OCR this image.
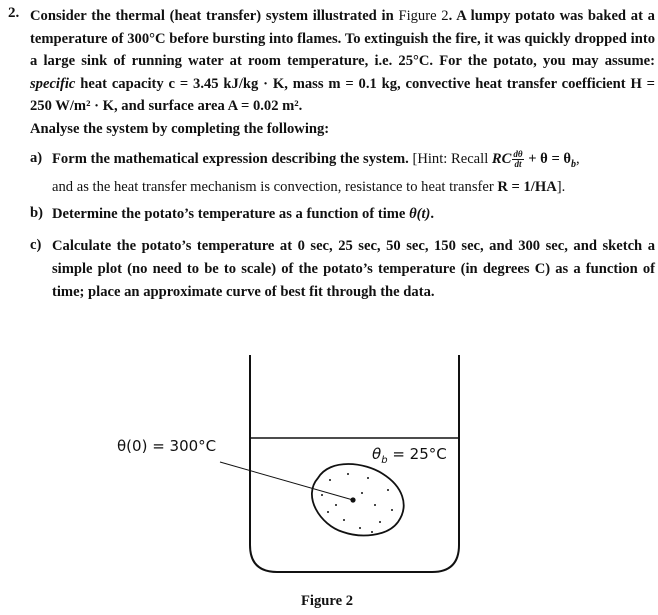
2. Consider the thermal (heat transfer) system illustrated in Figure 2. A lumpy potato was baked at a temperature of 300°C before bursting into flames. To extinguish the fire, it was quickly dropped into a large sink of running water at room temperature, i.e. 25°C. For the potato, you may assume: specific heat capacity c = 3.45 kJ/kg · K, mass m = 0.1 kg, convective heat transfer coefficient H = 250 W/m² · K, and surface area A = 0.02 m².
Analyse the system by completing the following:
a) Form the mathematical expression describing the system. [Hint: Recall RC $\frac{d\theta}{dt} + \theta = \theta_b$,
and as the heat transfer mechanism is convection, resistance to heat transfer R = 1/HA].
b) Determine the potato’s temperature as a function of time θ(t).
c) Calculate the potato’s temperature at 0 sec, 25 sec, 50 sec, 150 sec, and 300 sec, and sketch a simple plot (no need to be to scale) of the potato’s temperature (in degrees C) as a function of time; place an approximate curve of best fit through the data.
θ(0) = 300°C	$\theta_b = 25^\circ C$
Figure 2
